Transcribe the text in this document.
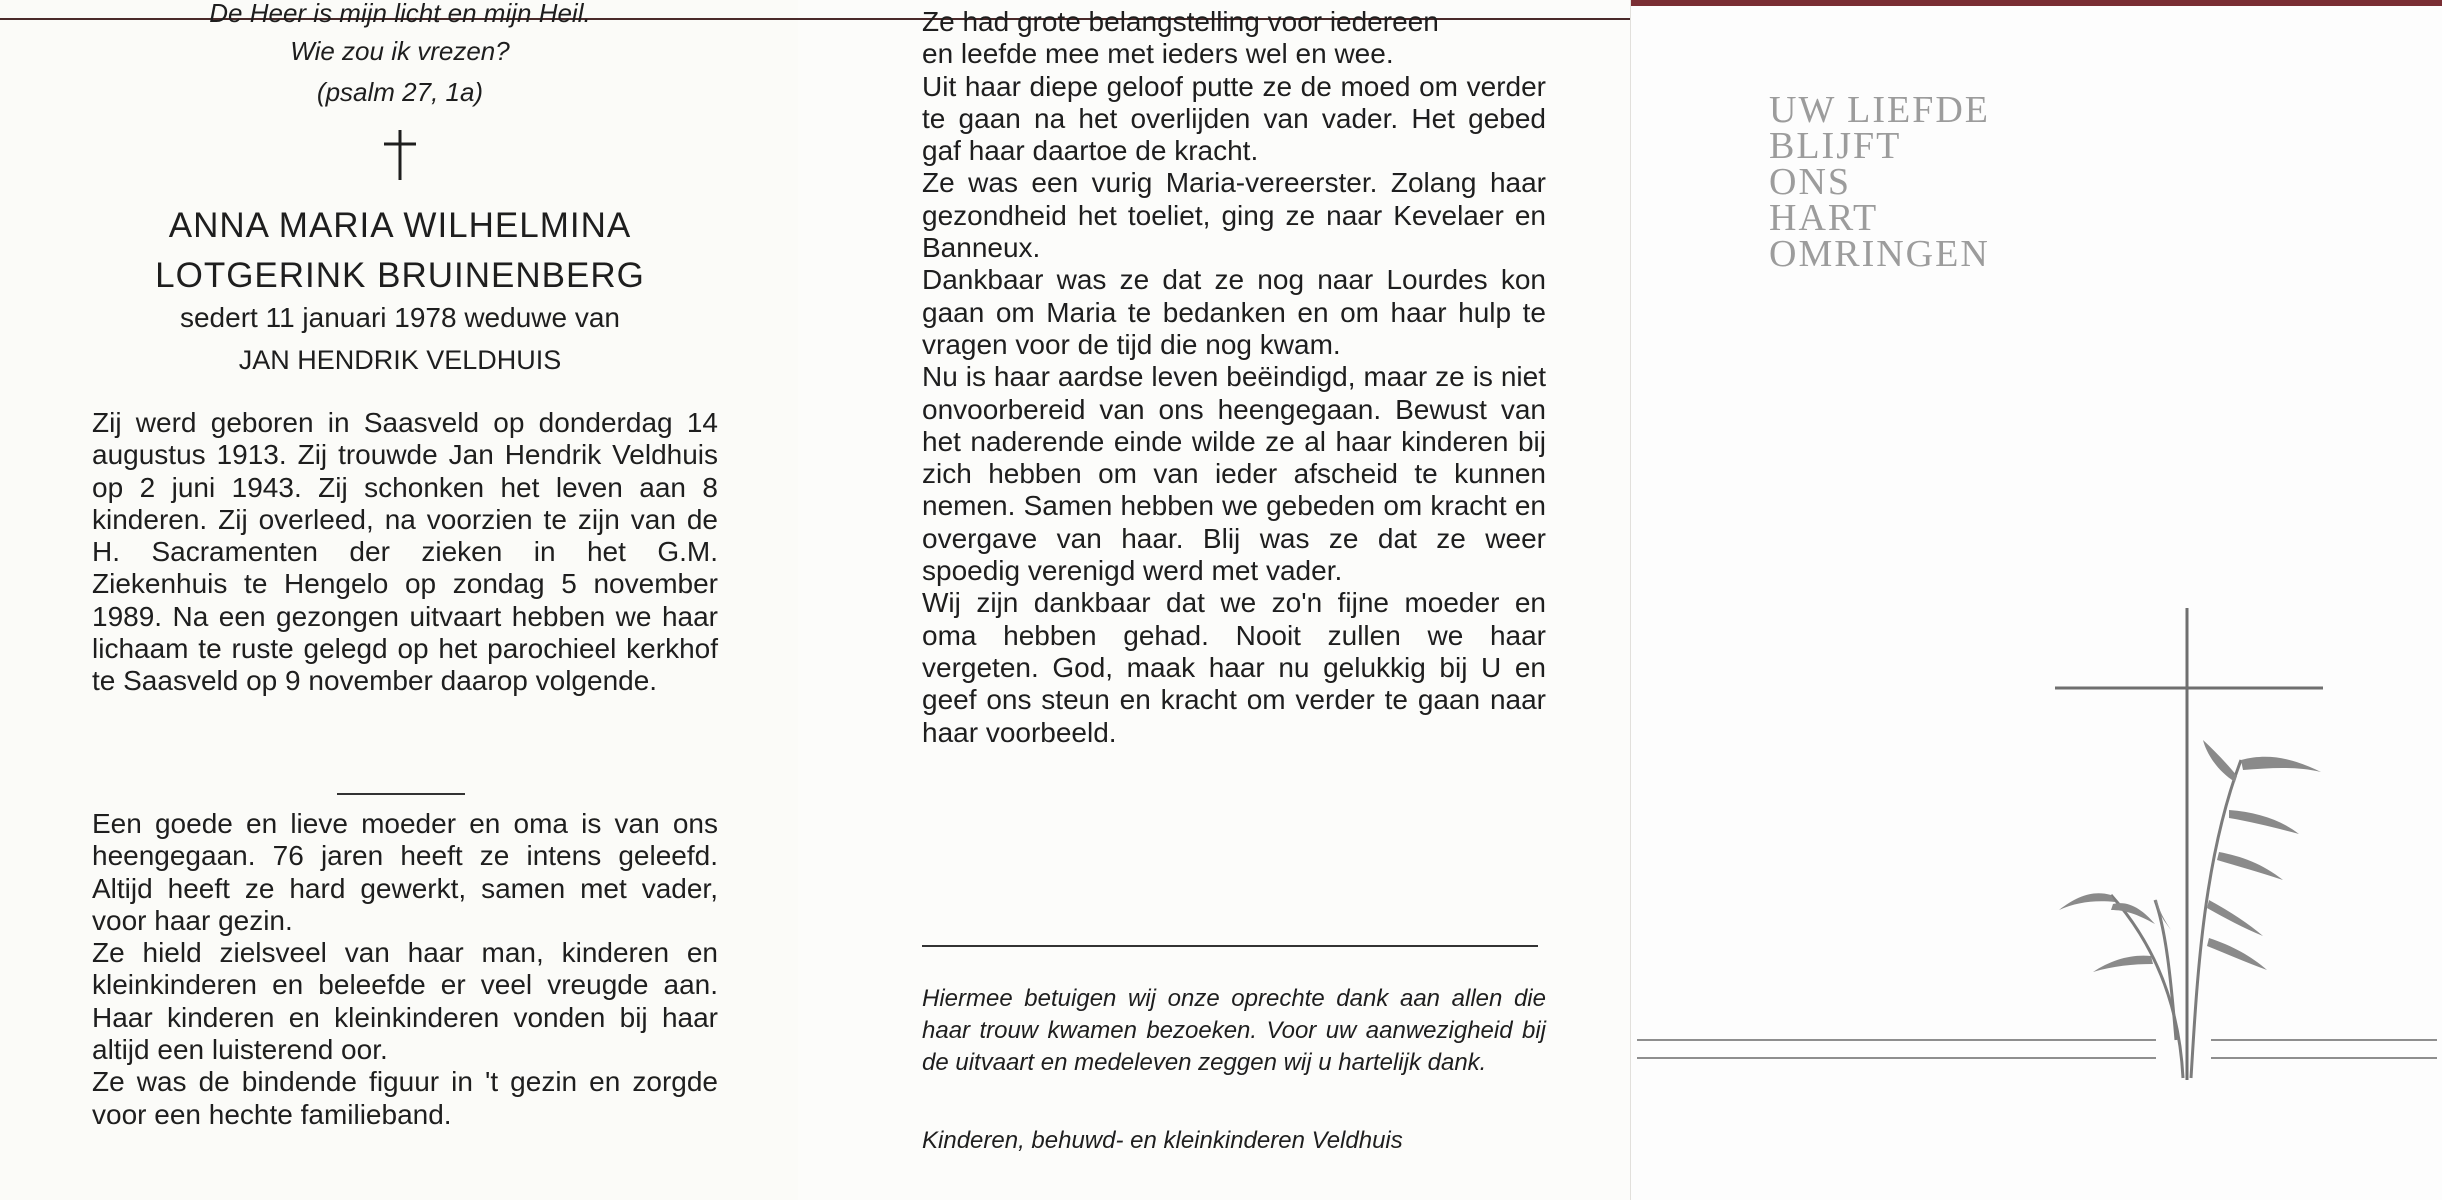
De Heer is mijn licht en mijn Heil.
Wie zou ik vrezen?
(psalm 27, 1a)
ANNA MARIA WILHELMINA
LOTGERINK BRUINENBERG
sedert 11 januari 1978 weduwe van
JAN HENDRIK VELDHUIS

Zij werd geboren in Saasveld op donderdag 14 augustus 1913. Zij trouwde Jan Hendrik Veldhuis op 2 juni 1943. Zij schonken het leven aan 8 kinderen. Zij overleed, na voorzien te zijn van de H. Sacramenten der zieken in het G.M. Ziekenhuis te Hengelo op zondag 5 november 1989. Na een gezongen uitvaart hebben we haar lichaam te ruste gelegd op het parochieel kerkhof te Saasveld op 9 november daarop volgende.

Een goede en lieve moeder en oma is van ons heengegaan. 76 jaren heeft ze intens geleefd. Altijd heeft ze hard gewerkt, samen met vader, voor haar gezin.

Ze hield zielsveel van haar man, kinderen en kleinkinderen en beleefde er veel vreugde aan. Haar kinderen en kleinkinderen vonden bij haar altijd een luisterend oor.

Ze was de bindende figuur in 't gezin en zorgde voor een hechte familieband.

Ze had grote belangstelling voor iedereen

en leefde mee met ieders wel en wee.

Uit haar diepe geloof putte ze de moed om verder te gaan na het overlijden van vader. Het gebed gaf haar daartoe de kracht.

Ze was een vurig Maria-vereerster. Zolang haar gezondheid het toeliet, ging ze naar Kevelaer en Banneux.

Dankbaar was ze dat ze nog naar Lourdes kon gaan om Maria te bedanken en om haar hulp te vragen voor de tijd die nog kwam.

Nu is haar aardse leven beëindigd, maar ze is niet onvoorbereid van ons heengegaan. Bewust van het naderende einde wilde ze al haar kinderen bij zich hebben om van ieder afscheid te kunnen nemen. Samen hebben we gebeden om kracht en overgave van haar. Blij was ze dat ze weer spoedig verenigd werd met vader.

Wij zijn dankbaar dat we zo'n fijne moeder en oma hebben gehad. Nooit zullen we haar vergeten. God, maak haar nu gelukkig bij U en geef ons steun en kracht om verder te gaan naar haar voorbeeld.

Hiermee betuigen wij onze oprechte dank aan allen die haar trouw kwamen bezoeken. Voor uw aanwezigheid bij de uitvaart en medeleven zeggen wij u hartelijk dank.
Kinderen, behuwd- en kleinkinderen Veldhuis
UW LIEFDE
BLIJFT
ONS
HART
OMRINGEN
